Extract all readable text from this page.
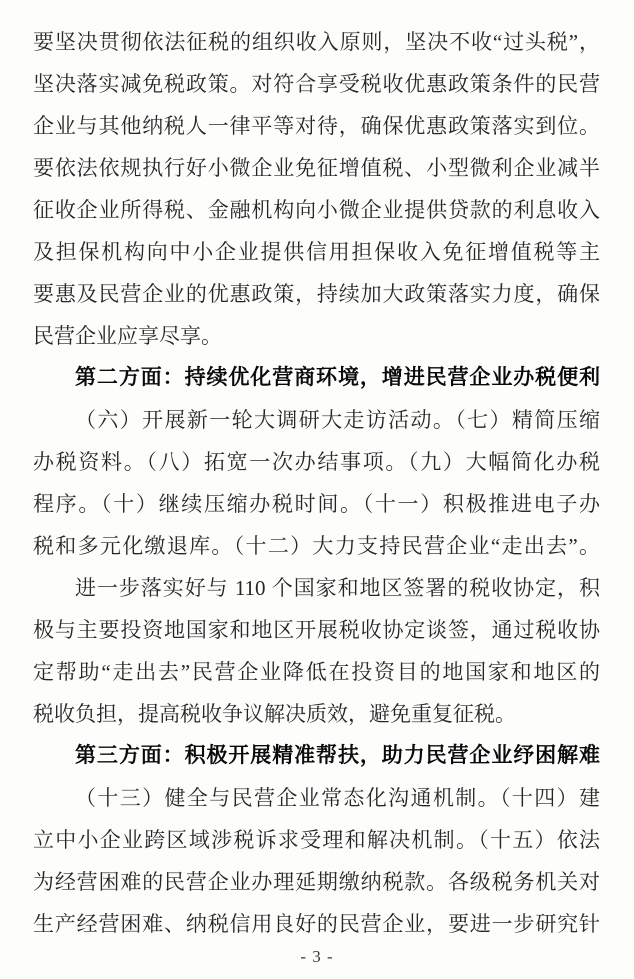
要坚决贯彻依法征税的组织收入原则，坚决不收“过头税”，
坚决落实减免税政策。对符合享受税收优惠政策条件的民营
企业与其他纳税人一律平等对待，确保优惠政策落实到位。
要依法依规执行好小微企业免征增值税、小型微利企业减半
征收企业所得税、金融机构向小微企业提供贷款的利息收入
及担保机构向中小企业提供信用担保收入免征增值税等主
要惠及民营企业的优惠政策，持续加大政策落实力度，确保
民营企业应享尽享。
第二方面：持续优化营商环境，增进民营企业办税便利
（六）开展新一轮大调研大走访活动。（七）精简压缩
办税资料。（八）拓宽一次办结事项。（九）大幅简化办税
程序。（十）继续压缩办税时间。（十一）积极推进电子办
税和多元化缴退库。（十二）大力支持民营企业“走出去”。
进一步落实好与 110 个国家和地区签署的税收协定，积
极与主要投资地国家和地区开展税收协定谈签，通过税收协
定帮助“走出去”民营企业降低在投资目的地国家和地区的
税收负担，提高税收争议解决质效，避免重复征税。
第三方面：积极开展精准帮扶，助力民营企业纾困解难
（十三）健全与民营企业常态化沟通机制。（十四）建
立中小企业跨区域涉税诉求受理和解决机制。（十五）依法
为经营困难的民营企业办理延期缴纳税款。各级税务机关对
生产经营困难、纳税信用良好的民营企业，要进一步研究针
- 3 -
